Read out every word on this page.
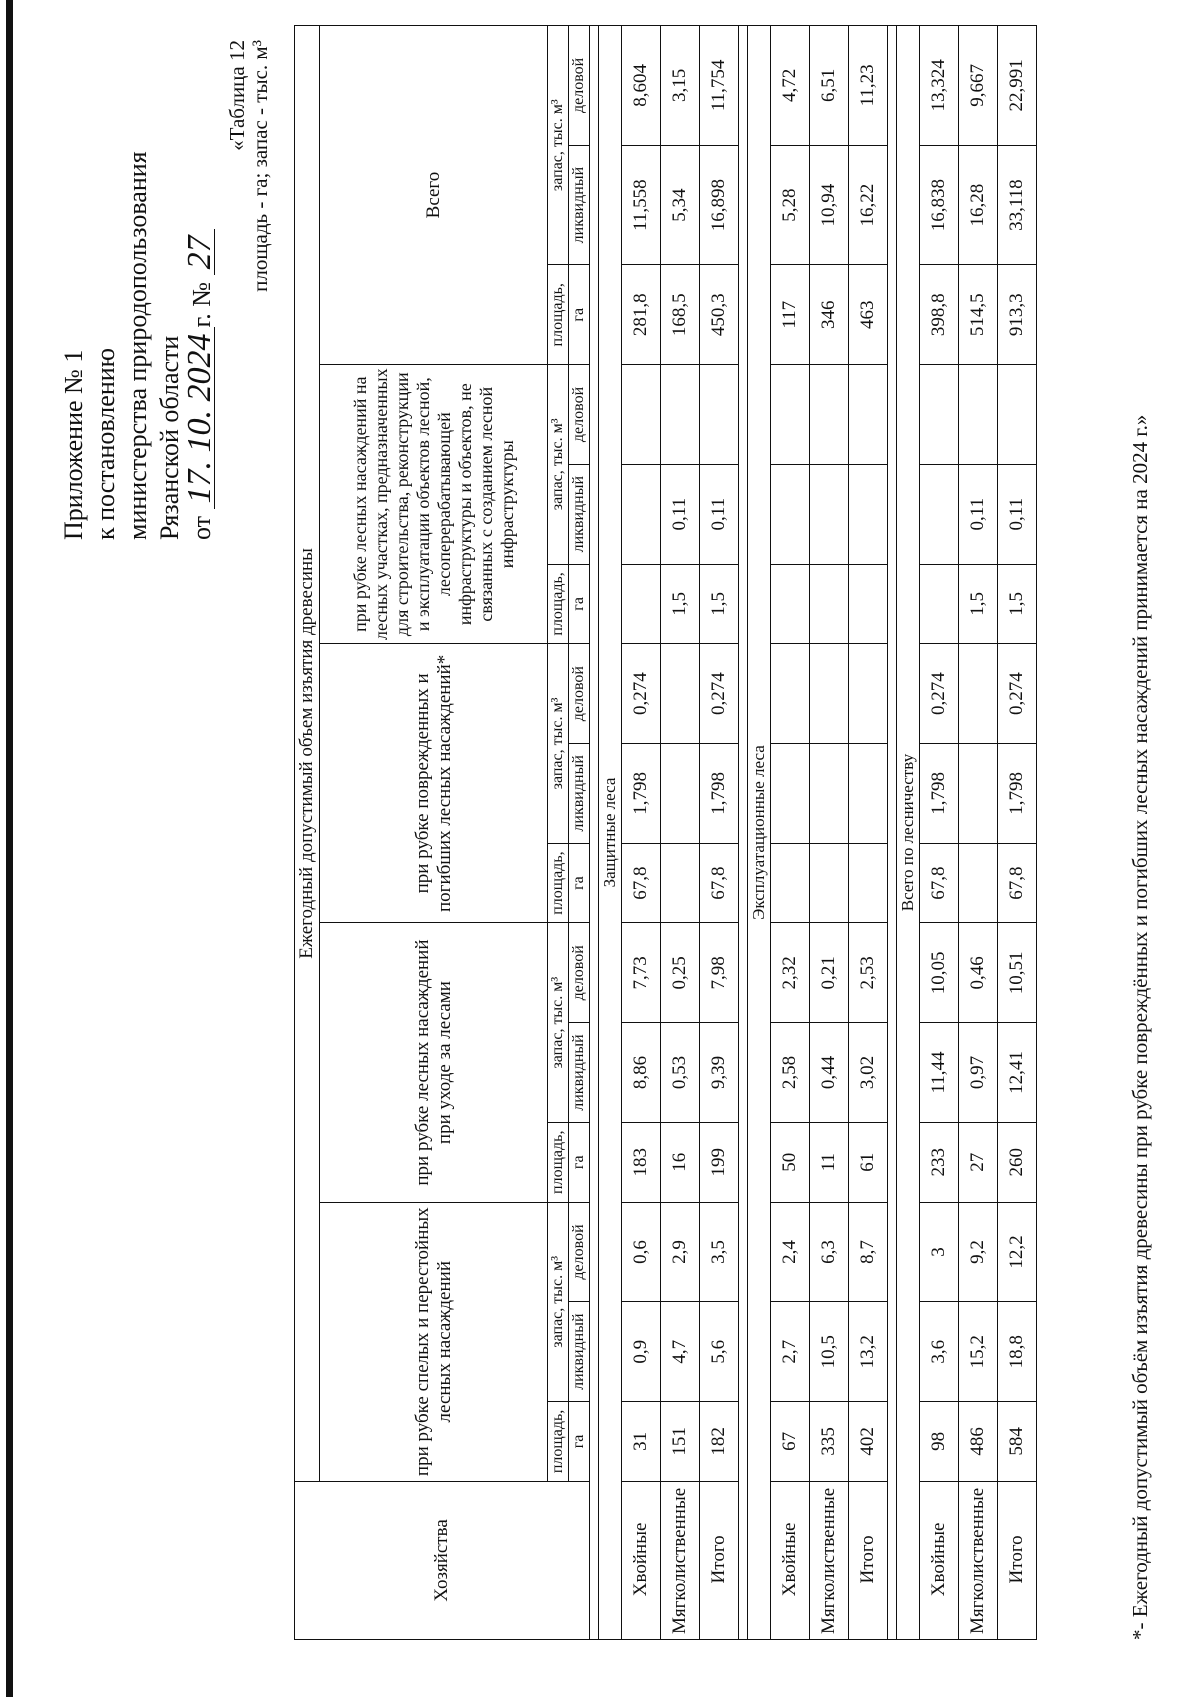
Приложение № 1 к постановлению министерства природопользования Рязанской области от 17. 10. 2024г. № 27
«Таблица 12 площадь - га; запас - тыс. м³
Хозяйства	Ежегодный допустимый объем изъятия древесины														
	при рубке спелых и перестойных лесных насаждений			при рубке лесных насаждений при уходе за лесами			при рубке поврежденных и погибших лесных насаждений*			при рубке лесных насаждений на лесных участках, предназначенных для строительства, реконструкции и эксплуатации объектов лесной, лесоперерабатывающей инфраструктуры и объектов, не связанных с созданием лесной инфраструктуры			Всего		
	площадь,	запас, тыс. м³		площадь,	запас, тыс. м³		площадь,	запас, тыс. м³		площадь,	запас, тыс. м³		площадь,	запас, тыс. м³	
	га	ликвидный	деловой	га	ликвидный	деловой	га	ликвидный	деловой	га	ликвидный	деловой	га	ликвидный	деловой

Защитные леса															
Хвойные	31	0,9	0,6	183	8,86	7,73	67,8	1,798	0,274				281,8	11,558	8,604
Мягколиственные	151	4,7	2,9	16	0,53	0,25				1,5	0,11		168,5	5,34	3,15
Итого	182	5,6	3,5	199	9,39	7,98	67,8	1,798	0,274	1,5	0,11		450,3	16,898	11,754

Эксплуатационные леса															
Хвойные	67	2,7	2,4	50	2,58	2,32							117	5,28	4,72
Мягколиственные	335	10,5	6,3	11	0,44	0,21							346	10,94	6,51
Итого	402	13,2	8,7	61	3,02	2,53							463	16,22	11,23

Всего по лесничеству															
Хвойные	98	3,6	3	233	11,44	10,05	67,8	1,798	0,274				398,8	16,838	13,324
Мягколиственные	486	15,2	9,2	27	0,97	0,46				1,5	0,11		514,5	16,28	9,667
Итого	584	18,8	12,2	260	12,41	10,51	67,8	1,798	0,274	1,5	0,11		913,3	33,118	22,991
*- Ежегодный допустимый объём изъятия древесины при рубке повреждённых и погибших лесных насаждений принимается на 2024 г.»
